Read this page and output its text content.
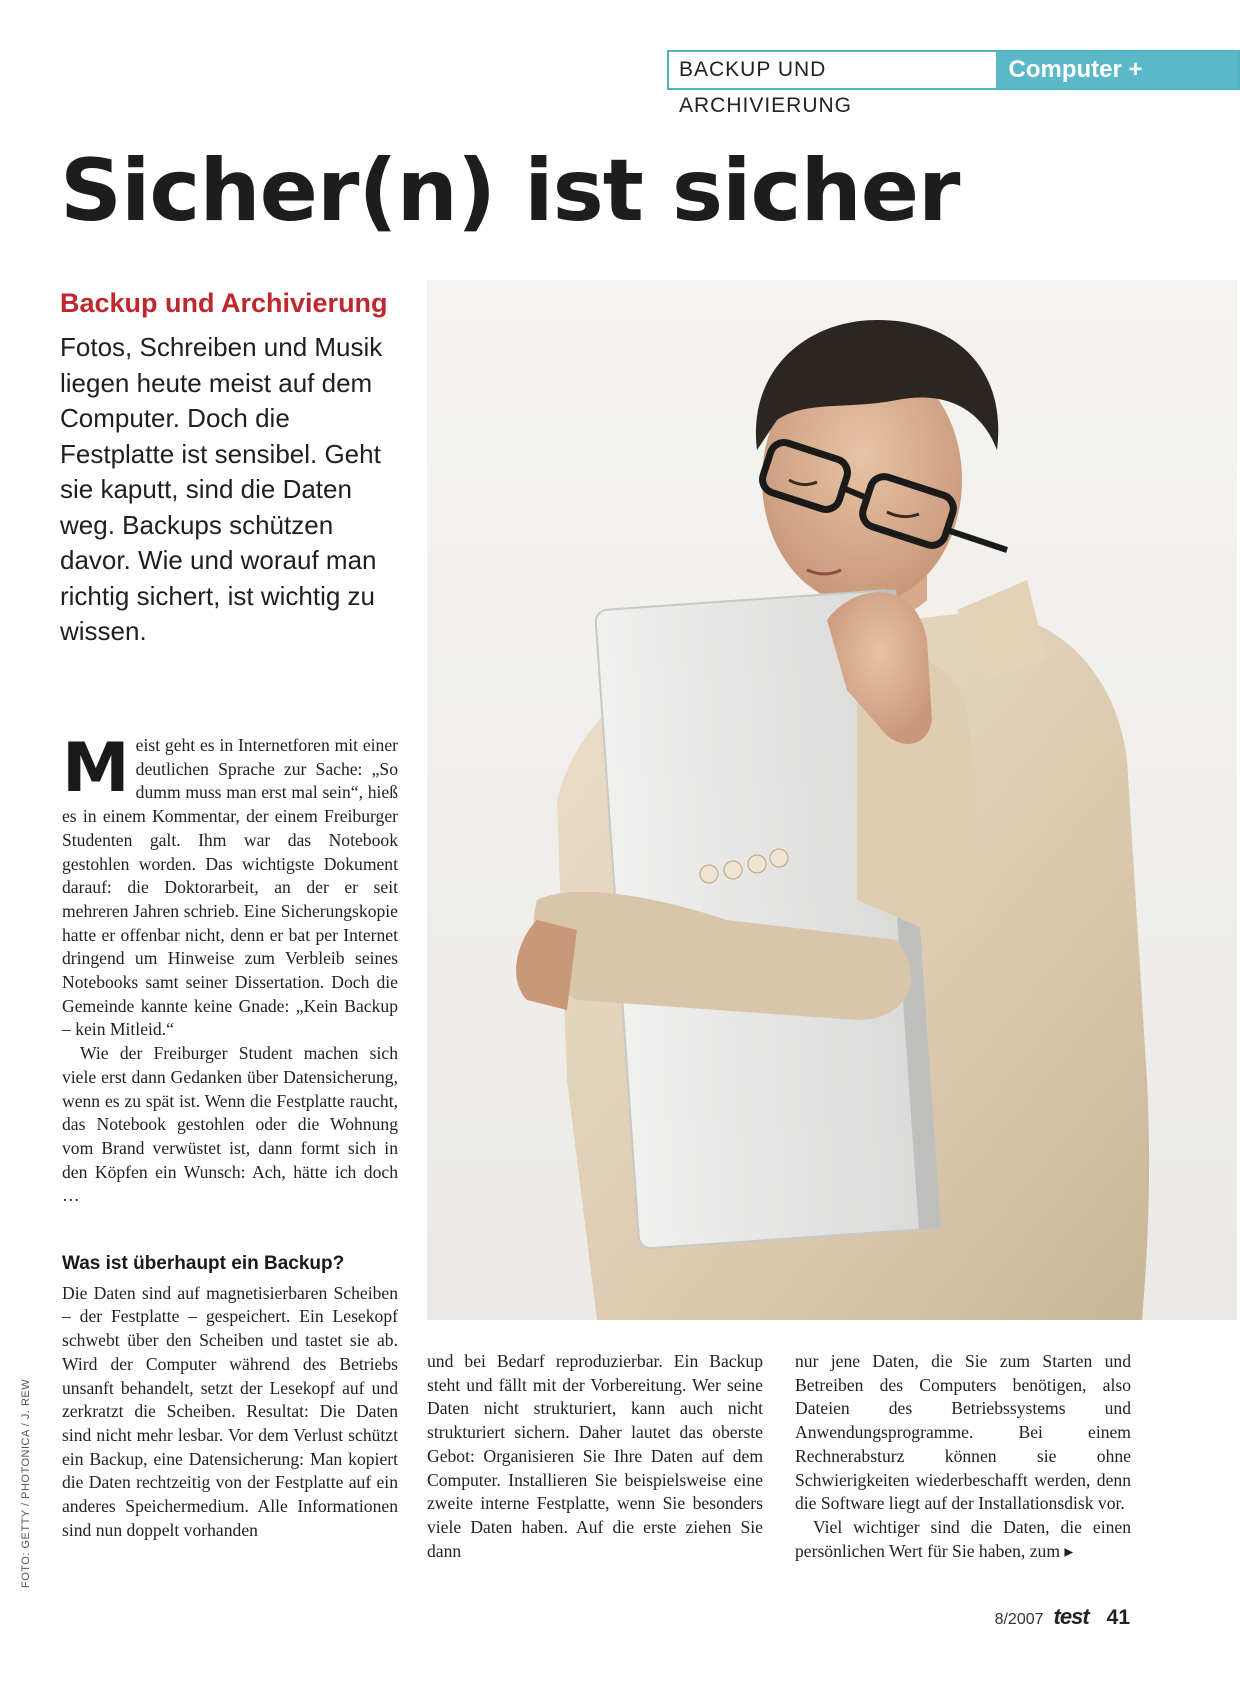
BACKUP UND ARCHIVIERUNG
Computer + Telefon
Sicher(n) ist sicher
Backup und Archivierung

Fotos, Schreiben und Musik liegen heute meist auf dem Computer. Doch die Festplatte ist sensibel. Geht sie kaputt, sind die Daten weg. Backups schützen davor. Wie und worauf man richtig sichert, ist wichtig zu wissen.

M eist geht es in Internetforen mit einer deutlichen Sprache zur Sache: „So dumm muss man erst mal sein“, hieß es in einem Kommentar, der einem Freiburger Studenten galt. Ihm war das Notebook gestohlen worden. Das wichtigste Dokument darauf: die Doktorarbeit, an der er seit mehreren Jahren schrieb. Eine Sicherungskopie hatte er offenbar nicht, denn er bat per Internet dringend um Hinweise zum Verbleib seines Notebooks samt seiner Dissertation. Doch die Gemeinde kannte keine Gnade: „Kein Backup – kein Mitleid.“

Wie der Freiburger Student machen sich viele erst dann Gedanken über Datensicherung, wenn es zu spät ist. Wenn die Festplatte raucht, das Notebook gestohlen oder die Wohnung vom Brand verwüstet ist, dann formt sich in den Köpfen ein Wunsch: Ach, hätte ich doch …

Was ist überhaupt ein Backup?

Die Daten sind auf magnetisierbaren Scheiben – der Festplatte – gespeichert. Ein Lesekopf schwebt über den Scheiben und tastet sie ab. Wird der Computer während des Betriebs unsanft behandelt, setzt der Lesekopf auf und zerkratzt die Scheiben. Resultat: Die Daten sind nicht mehr lesbar. Vor dem Verlust schützt ein Backup, eine Datensicherung: Man kopiert die Daten rechtzeitig von der Festplatte auf ein anderes Speichermedium. Alle Informationen sind nun doppelt vorhanden

und bei Bedarf reproduzierbar. Ein Backup steht und fällt mit der Vorbereitung. Wer seine Daten nicht strukturiert, kann auch nicht strukturiert sichern. Daher lautet das oberste Gebot: Organisieren Sie Ihre Daten auf dem Computer. Installieren Sie beispielsweise eine zweite interne Festplatte, wenn Sie besonders viele Daten haben. Auf die erste ziehen Sie dann

nur jene Daten, die Sie zum Starten und Betreiben des Computers benötigen, also Dateien des Betriebssystems und Anwendungsprogramme. Bei einem Rechnerabsturz können sie ohne Schwierigkeiten wiederbeschafft werden, denn die Software liegt auf der Installationsdisk vor.

Viel wichtiger sind die Daten, die einen persönlichen Wert für Sie haben, zum ▸

FOTO: GETTY / PHOTONICA / J. REW
8/2007 test 41
